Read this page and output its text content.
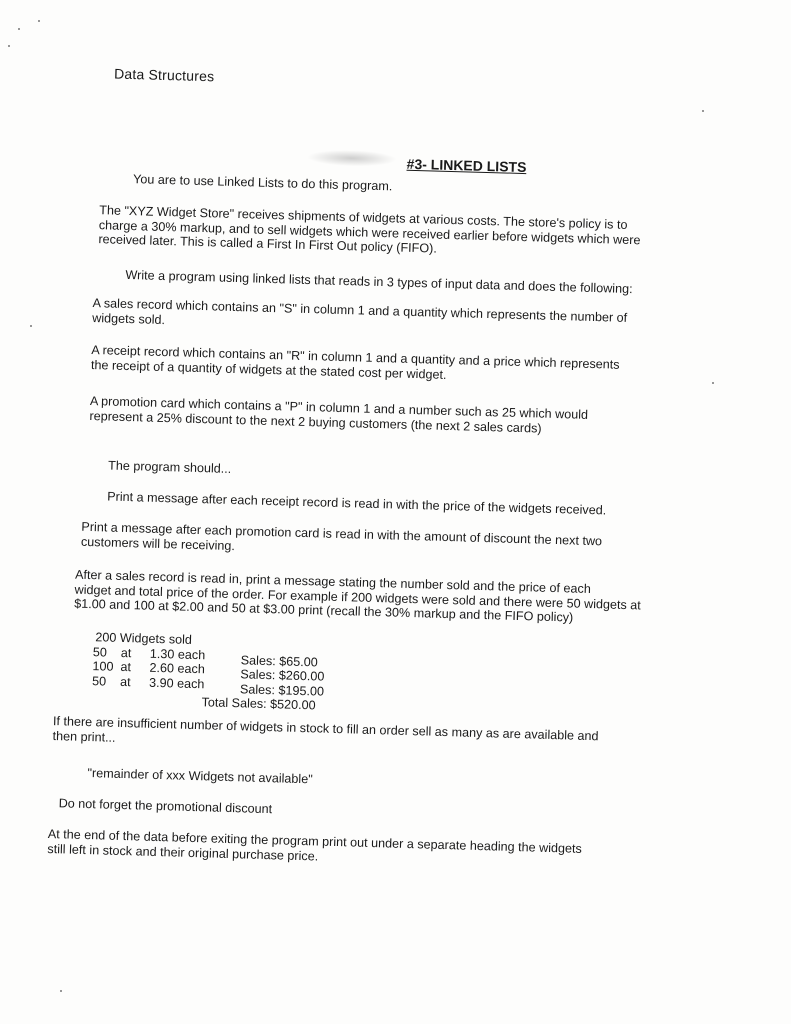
Data Structures
#3- LINKED LISTS
You are to use Linked Lists to do this program.
The "XYZ Widget Store" receives shipments of widgets at various costs. The store's policy is to
charge a 30% markup, and to sell widgets which were received earlier before widgets which were
received later. This is called a First In First Out policy (FIFO).
Write a program using linked lists that reads in 3 types of input data and does the following:
A sales record which contains an "S" in column 1 and a quantity which represents the number of
widgets sold.
A receipt record which contains an "R" in column 1 and a quantity and a price which represents
the receipt of a quantity of widgets at the stated cost per widget.
A promotion card which contains a "P" in column 1 and a number such as 25 which would
represent a 25% discount to the next 2 buying customers (the next 2 sales cards)
The program should...
Print a message after each receipt record is read in with the price of the widgets received.
Print a message after each promotion card is read in with the amount of discount the next two
customers will be receiving.
After a sales record is read in, print a message stating the number sold and the price of each
widget and total price of the order. For example if 200 widgets were sold and there were 50 widgets at
$1.00 and 100 at $2.00 and 50 at $3.00 print (recall the 30% markup and the FIFO policy)
200 Widgets sold
50	at 1.30 each	Sales: $65.00
100 at 2.60 each	Sales: $260.00
50	at 3.90 each	Sales: $195.00
Total Sales: $520.00
If there are insufficient number of widgets in stock to fill an order sell as many as are available and
then print...
"remainder of xxx Widgets not available"
Do not forget the promotional discount
At the end of the data before exiting the program print out under a separate heading the widgets
still left in stock and their original purchase price.
